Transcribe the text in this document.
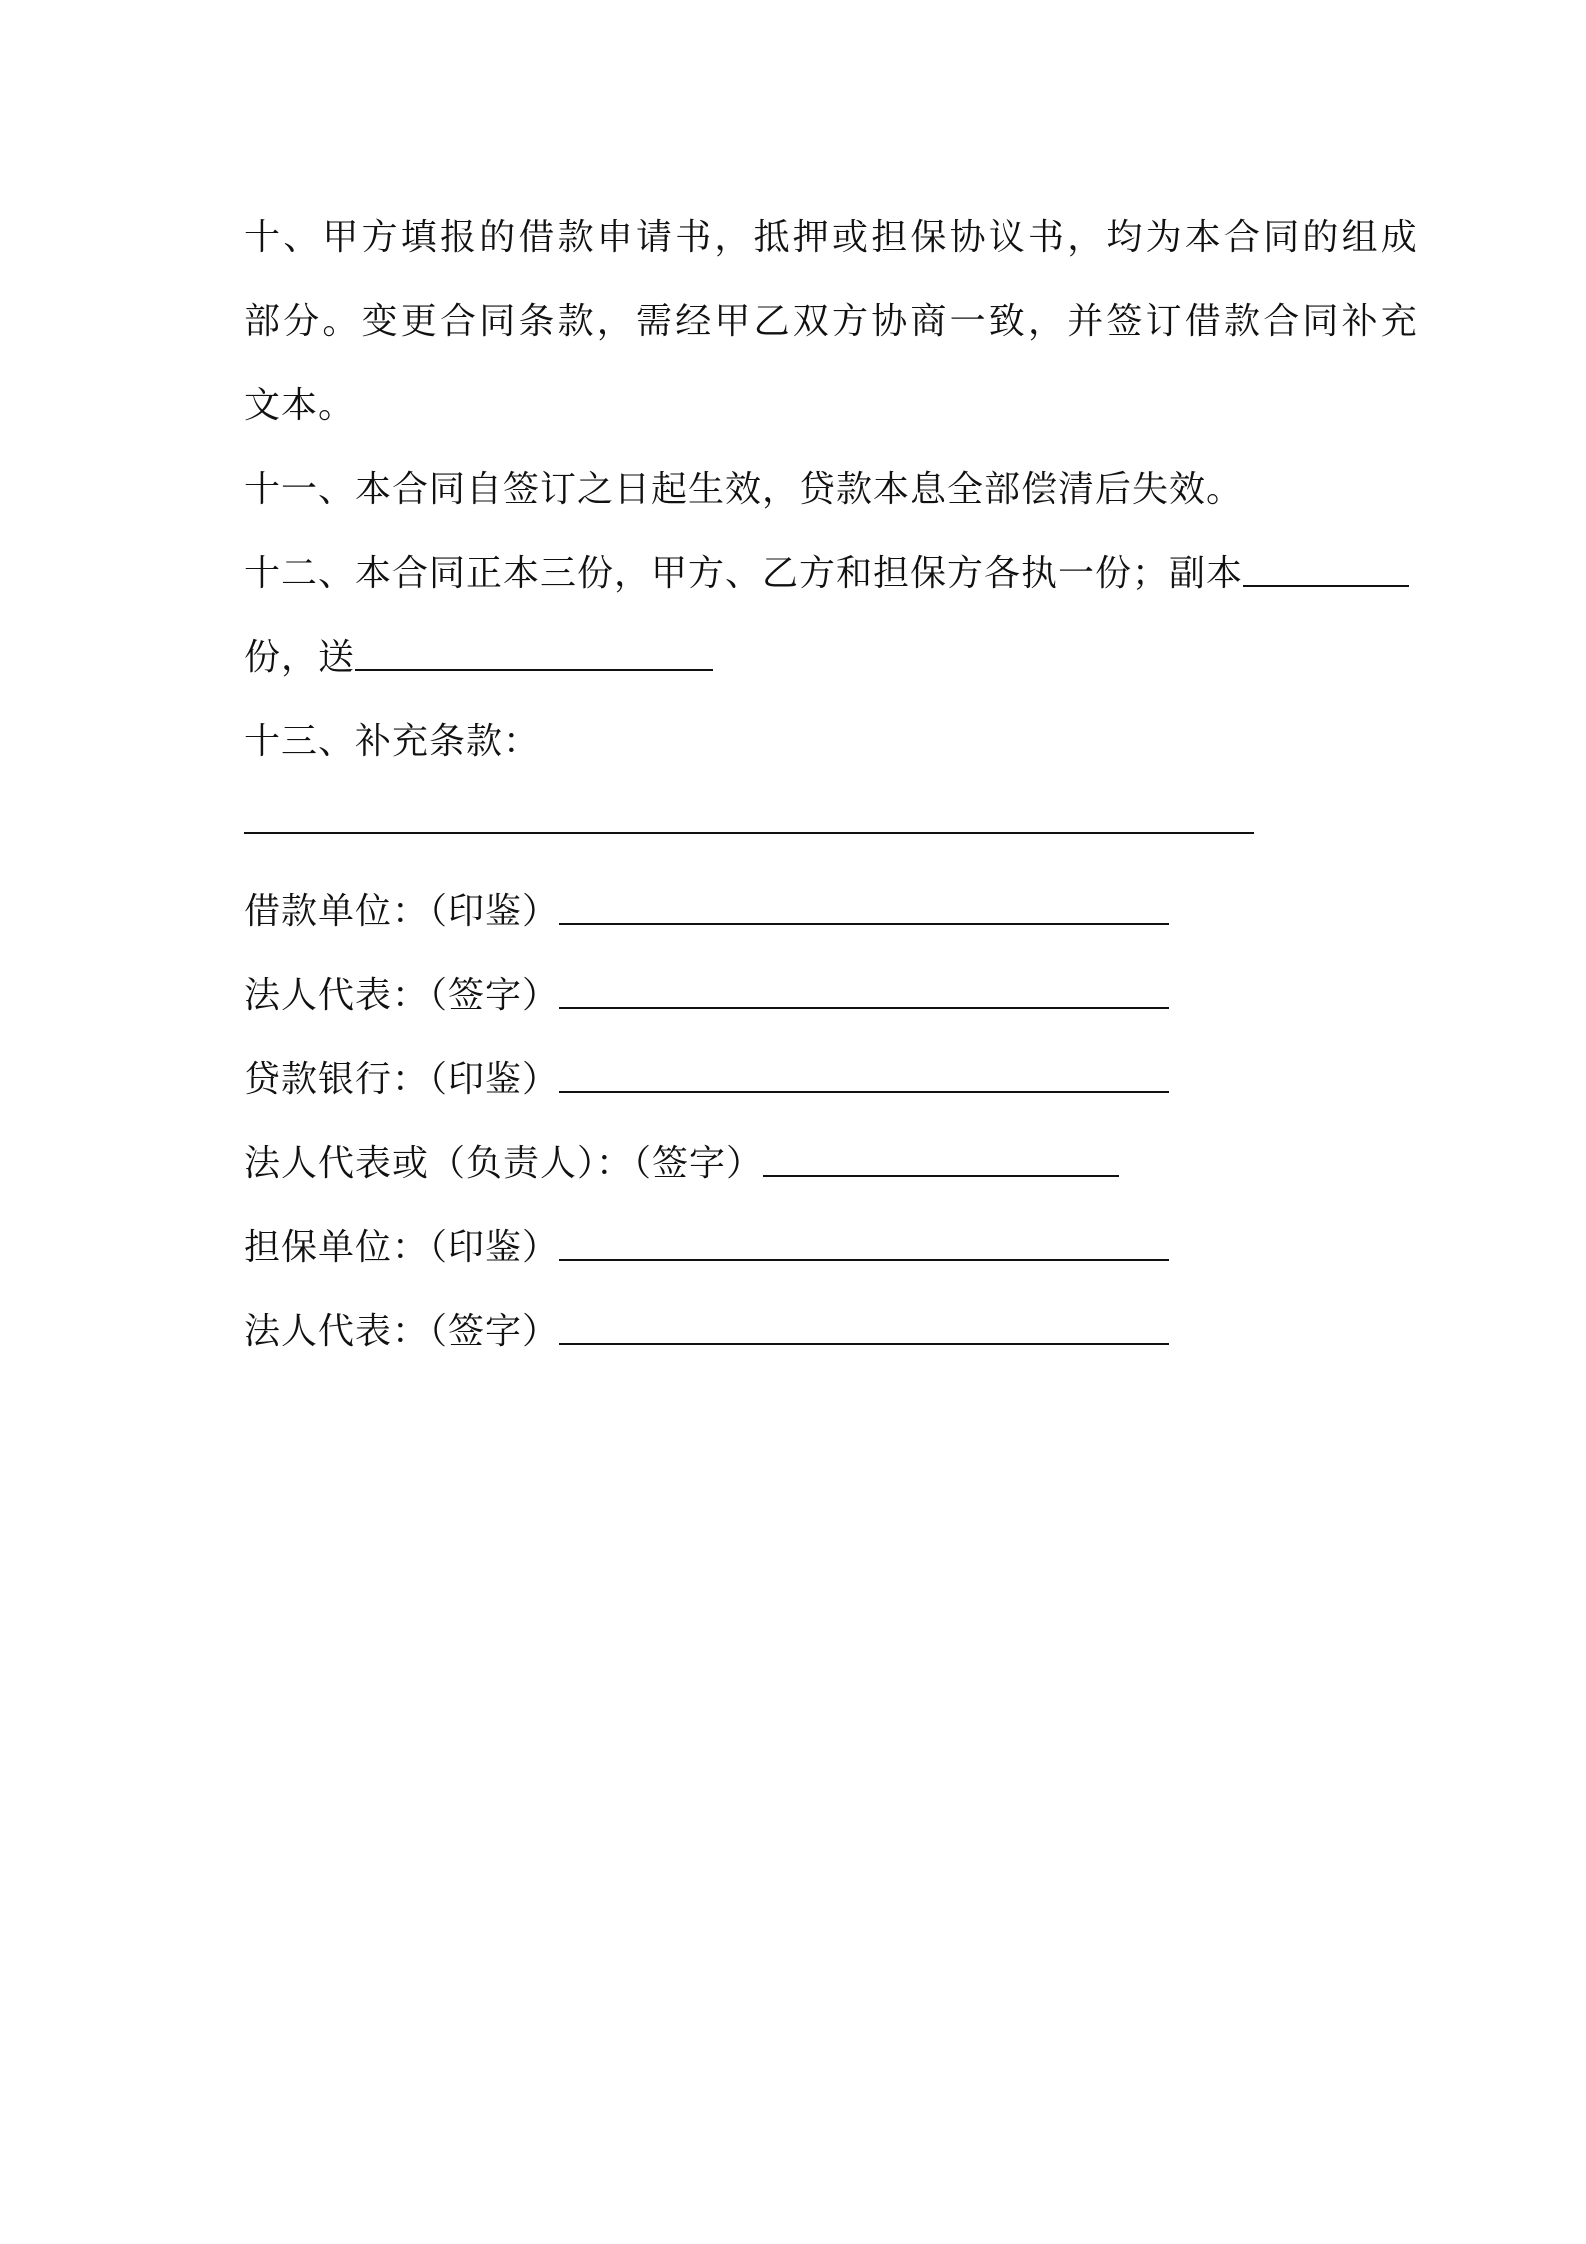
十、甲方填报的借款申请书，抵押或担保协议书，均为本合同的组成
部分。变更合同条款，需经甲乙双方协商一致，并签订借款合同补充
文本。
十一、本合同自签订之日起生效，贷款本息全部偿清后失效。
十二、本合同正本三份，甲方、乙方和担保方各执一份；副本
份，送
十三、补充条款：
借款单位：（印鉴）
法人代表：（签字）
贷款银行：（印鉴）
法人代表或（负责人）：（签字）
担保单位：（印鉴）
法人代表：（签字）
